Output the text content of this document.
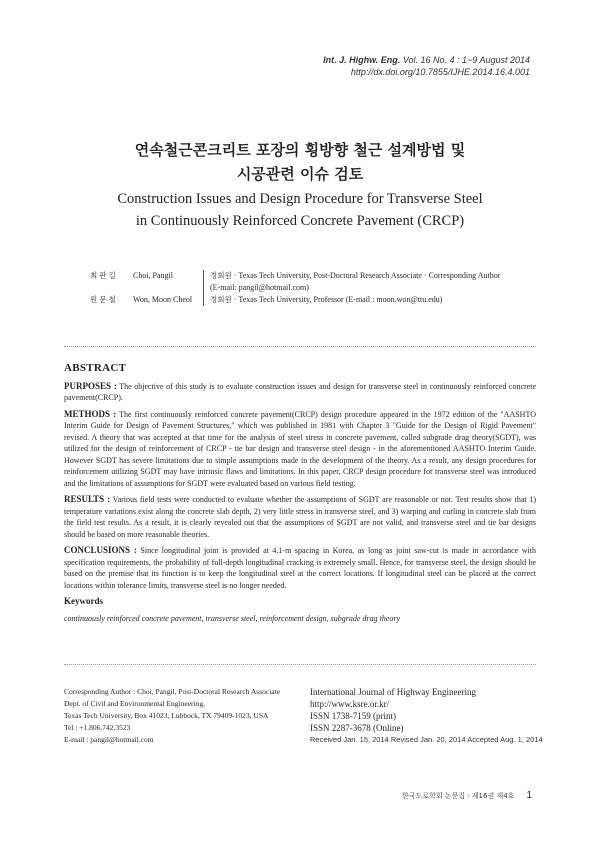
Int. J. Highw. Eng. Vol. 16 No. 4 : 1~9 August 2014
http://dx.doi.org/10.7855/IJHE.2014.16.4.001
연속철근콘크리트 포장의 횡방향 철근 설계방법 및
시공관련 이슈 검토
Construction Issues and Design Procedure for Transverse Steel
in Continuously Reinforced Concrete Pavement (CRCP)
최판길	Choi, Pangil	정회원 · Texas Tech University, Post-Doctoral Research Associate · Corresponding Author
(E-mail: pangil@hotmail.com)
원문철	Won, Moon Cheol	정회원 · Texas Tech University, Professor (E-mail : moon.won@ttu.edu)
ABSTRACT

PURPOSES : The objective of this study is to evaluate construction issues and design for transverse steel in continuously reinforced concrete pavement(CRCP).

METHODS : The first continuously reinforced concrete pavement(CRCP) design procedure appeared in the 1972 edition of the "AASHTO Interim Guide for Design of Pavement Structures," which was published in 1981 with Chapter 3 "Guide for the Design of Rigid Pavement" revised. A theory that was accepted at that time for the analysis of steel stress in concrete pavement, called subgrade drag theory(SGDT), was utilized for the design of reinforcement of CRCP - tie bar design and transverse steel design - in the aforementioned AASHTO Interim Guide. However SGDT has severe limitations due to simple assumptions made in the development of the theory. As a result, any design procedures for reinforcement utilizing SGDT may have intrinsic flaws and limitations. In this paper, CRCP design procedure for transverse steel was introduced and the limitations of assumptions for SGDT were evaluated based on various field testing.

RESULTS : Various field tests were conducted to evaluate whether the assumptions of SGDT are reasonable or not. Test results show that 1) temperature variations exist along the concrete slab depth, 2) very little stress in transverse steel, and 3) warping and curling in concrete slab from the field test results. As a result, it is clearly revealed out that the assumptions of SGDT are not valid, and transverse steel and tie bar designs should be based on more reasonable theories.

CONCLUSIONS : Since longitudinal joint is provided at 4.1-m spacing in Korea, as long as joint saw-cut is made in accordance with specification requirements, the probability of full-depth longitudinal cracking is extremely small. Hence, for transverse steel, the design should be based on the premise that its function is to keep the longitudinal steel at the correct locations. If longitudinal steel can be placed at the correct locations within tolerance limits, transverse steel is no longer needed.

Keywords

continuously reinforced concrete pavement, transverse steel, reinforcement design, subgrade drag theory

Corresponding Author : Choi, Pangil, Post-Doctoral Research Associate
Dept. of Civil and Environmental Engineering,
Texas Tech University, Box 41023, Lubbock, TX 79409-1023, USA
Tel : +1.806.742.3523
E-mail : pangil@hotmail.com
International Journal of Highway Engineering
http://www.ksre.or.kr/
ISSN 1738-7159 (print)
ISSN 2287-3678 (Online)
Received Jan. 15, 2014 Revised Jan. 20, 2014 Accepted Aug. 1, 2014
한국도로학회 논문집 · 제16권 제4호 1
